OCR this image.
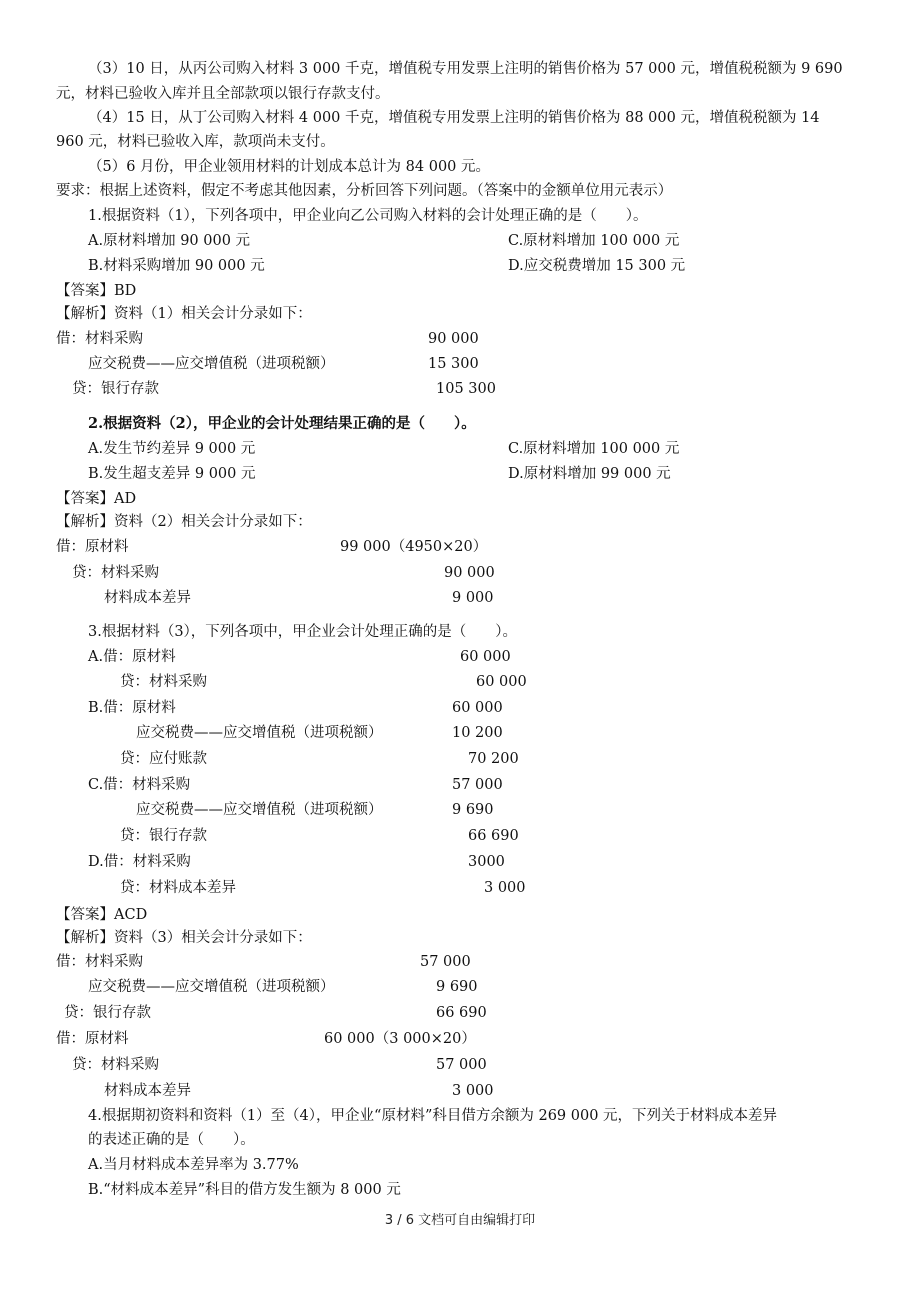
（3）10 日，从丙公司购入材料 3 000 千克，增值税专用发票上注明的销售价格为 57 000 元，增值税税额为 9 690
元，材料已验收入库并且全部款项以银行存款支付。
（4）15 日，从丁公司购入材料 4 000 千克，增值税专用发票上注明的销售价格为 88 000 元，增值税税额为 14
960 元，材料已验收入库，款项尚未支付。
（5）6 月份，甲企业领用材料的计划成本总计为 84 000 元。
要求：根据上述资料，假定不考虑其他因素，分析回答下列问题。（答案中的金额单位用元表示）
1.根据资料（1），下列各项中，甲企业向乙公司购入材料的会计处理正确的是（　　）。
A.原材料增加 90 000 元	C.原材料增加 100 000 元
B.材料采购增加 90 000 元	D.应交税费增加 15 300 元
【答案】BD
【解析】资料（1）相关会计分录如下：
借：材料采购	90 000
应交税费——应交增值税（进项税额）	15 300
贷：银行存款	105 300
2.根据资料（2），甲企业的会计处理结果正确的是（　　）。
A.发生节约差异 9 000 元	C.原材料增加 100 000 元
B.发生超支差异 9 000 元	D.原材料增加 99 000 元
【答案】AD
【解析】资料（2）相关会计分录如下：
借：原材料	99 000（4950×20）
贷：材料采购	90 000
材料成本差异	9 000
3.根据材料（3），下列各项中，甲企业会计处理正确的是（　　）。
A.借：原材料	60 000
贷：材料采购	60 000
B.借：原材料	60 000
应交税费——应交增值税（进项税额）	10 200
贷：应付账款	70 200
C.借：材料采购	57 000
应交税费——应交增值税（进项税额）	9 690
贷：银行存款	66 690
D.借：材料采购	3000
贷：材料成本差异	3 000
【答案】ACD
【解析】资料（3）相关会计分录如下：
借：材料采购	57 000
应交税费——应交增值税（进项税额）	9 690
贷：银行存款	66 690
借：原材料	60 000（3 000×20）
贷：材料采购	57 000
材料成本差异	3 000
4.根据期初资料和资料（1）至（4），甲企业“原材料”科目借方余额为 269 000 元，下列关于材料成本差异
的表述正确的是（　　）。
A.当月材料成本差异率为 3.77%
B.“材料成本差异”科目的借方发生额为 8 000 元
3 / 6 文档可自由编辑打印
